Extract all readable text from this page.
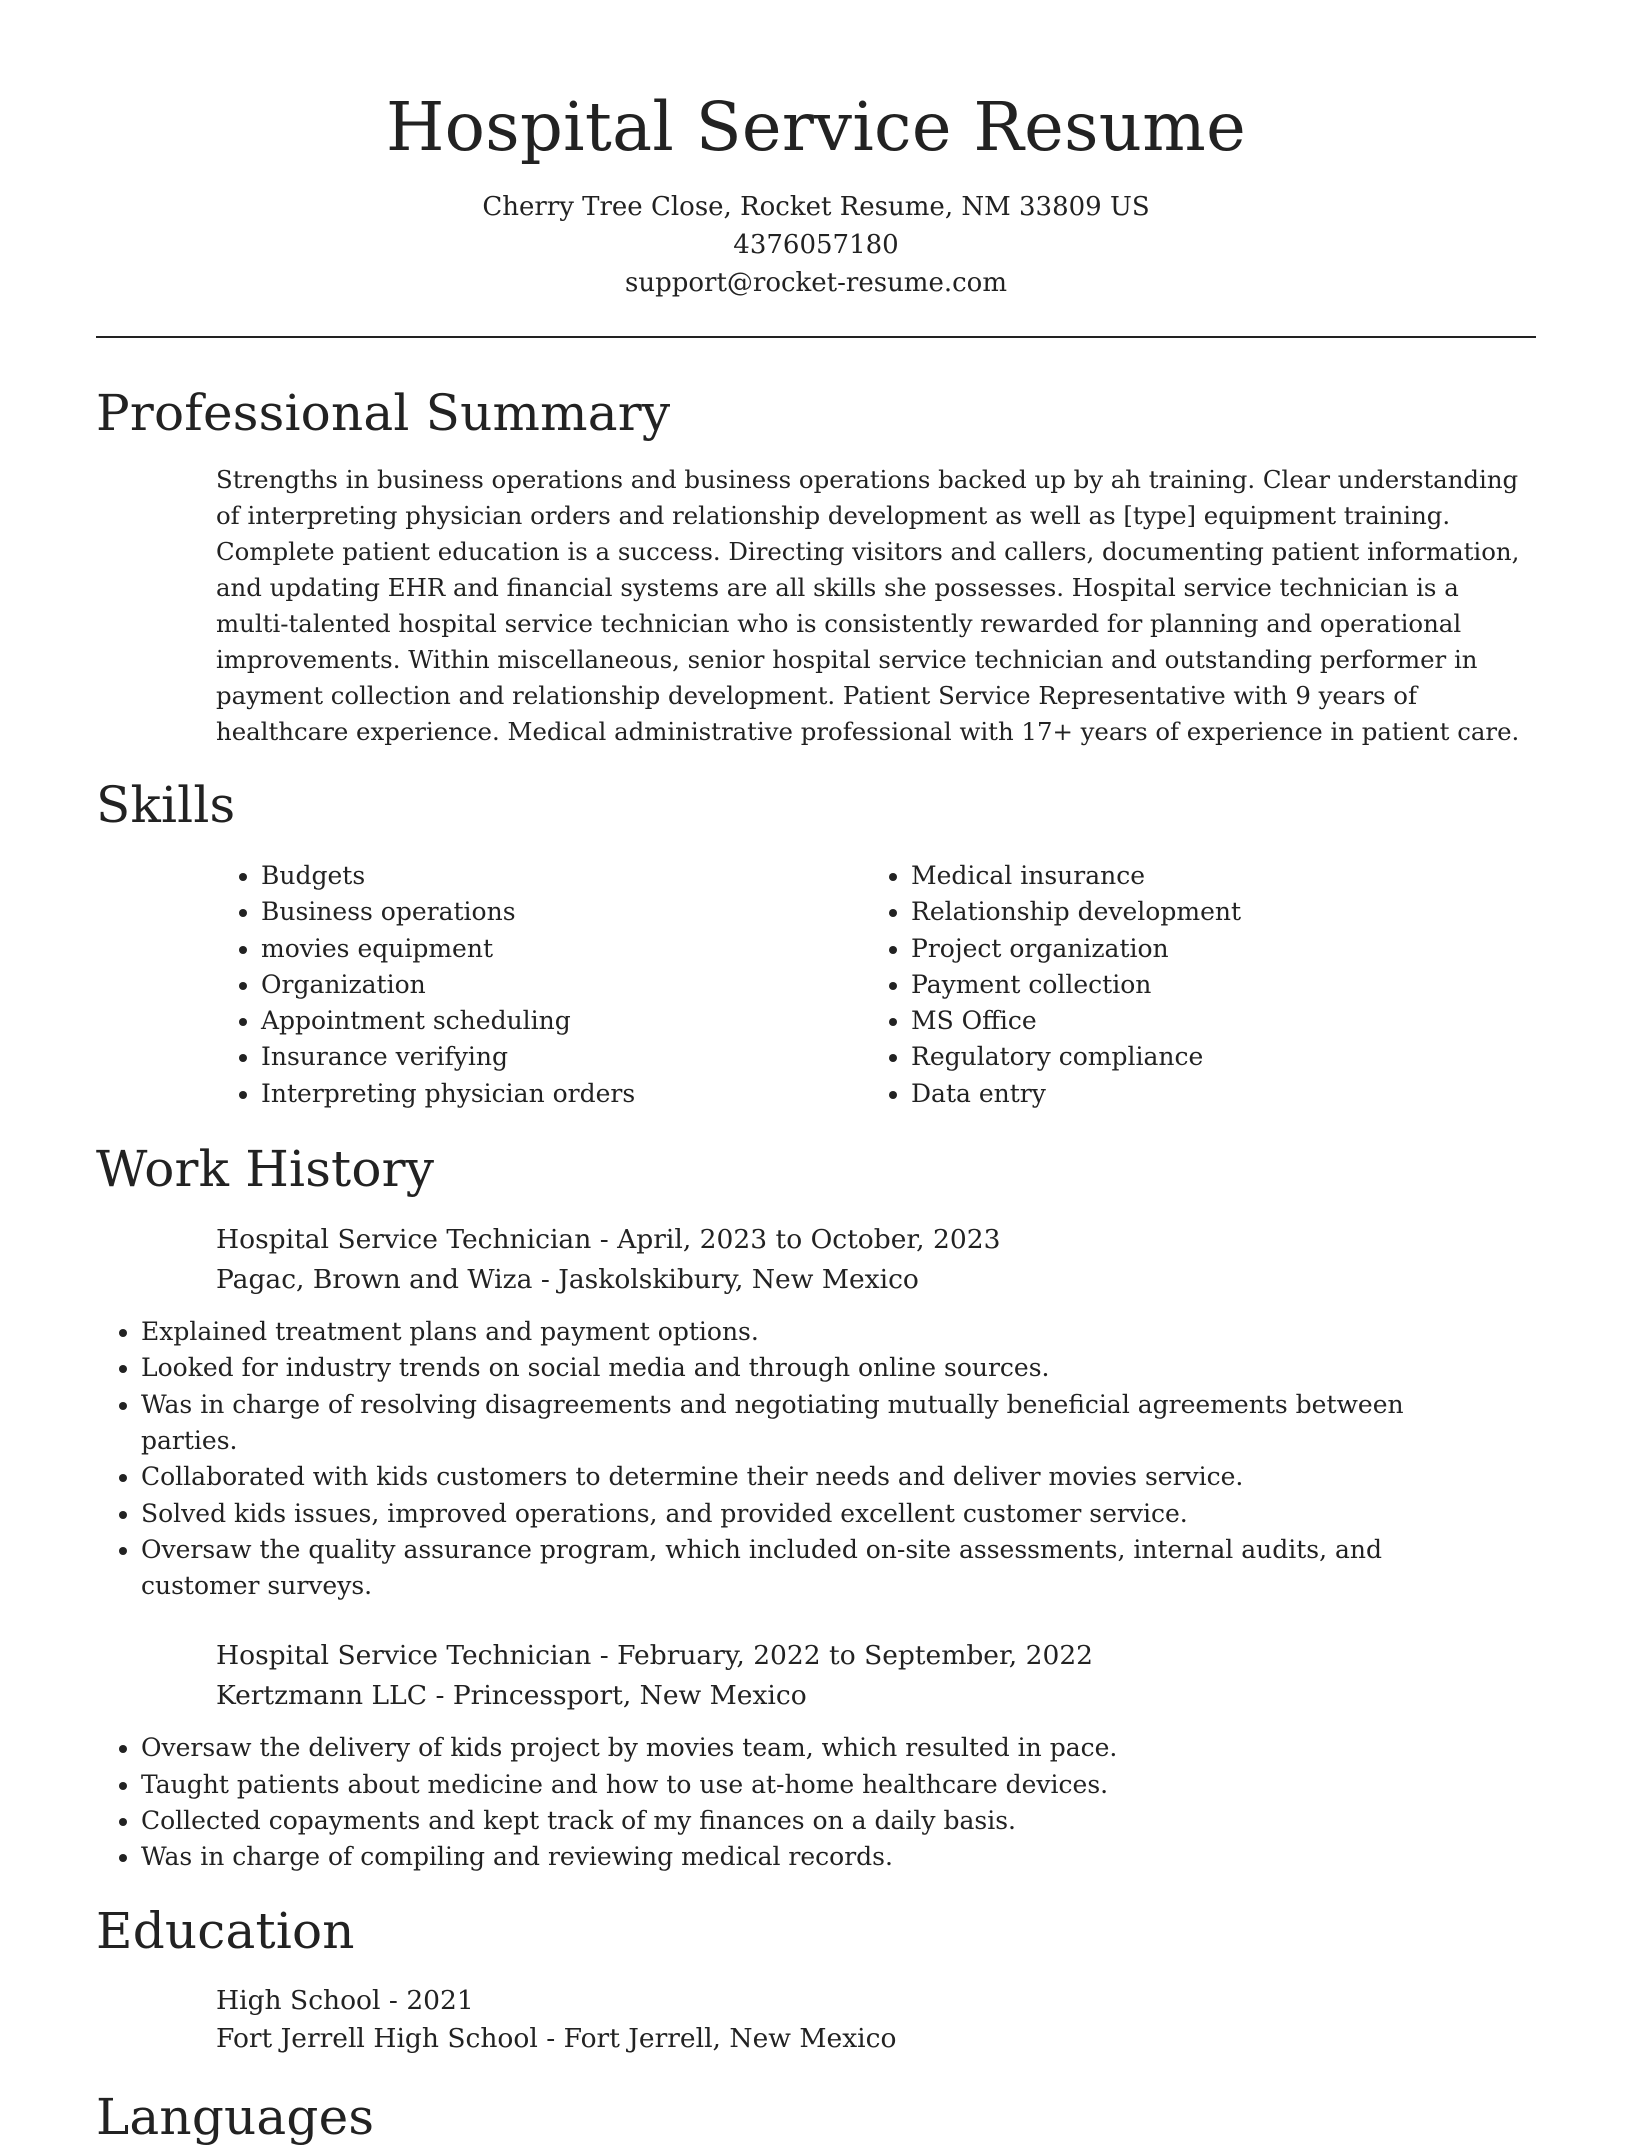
Hospital Service Resume
Cherry Tree Close, Rocket Resume, NM 33809 US
4376057180
support@rocket-resume.com
Professional Summary
Strengths in business operations and business operations backed up by ah training. Clear understanding of interpreting physician orders and relationship development as well as [type] equipment training. Complete patient education is a success. Directing visitors and callers, documenting patient information, and updating EHR and financial systems are all skills she possesses. Hospital service technician is a multi-talented hospital service technician who is consistently rewarded for planning and operational improvements. Within miscellaneous, senior hospital service technician and outstanding performer in payment collection and relationship development. Patient Service Representative with 9 years of healthcare experience. Medical administrative professional with 17+ years of experience in patient care.
Skills
• Budgets
• Business operations
• movies equipment
• Organization
• Appointment scheduling
• Insurance verifying
• Interpreting physician orders
• Medical insurance
• Relationship development
• Project organization
• Payment collection
• MS Office
• Regulatory compliance
• Data entry
Work History
Hospital Service Technician - April, 2023 to October, 2023
Pagac, Brown and Wiza - Jaskolskibury, New Mexico
• Explained treatment plans and payment options.
• Looked for industry trends on social media and through online sources.
• Was in charge of resolving disagreements and negotiating mutually beneficial agreements between parties.
• Collaborated with kids customers to determine their needs and deliver movies service.
• Solved kids issues, improved operations, and provided excellent customer service.
• Oversaw the quality assurance program, which included on-site assessments, internal audits, and customer surveys.
Hospital Service Technician - February, 2022 to September, 2022
Kertzmann LLC - Princessport, New Mexico
• Oversaw the delivery of kids project by movies team, which resulted in pace.
• Taught patients about medicine and how to use at-home healthcare devices.
• Collected copayments and kept track of my finances on a daily basis.
• Was in charge of compiling and reviewing medical records.
Education
High School - 2021
Fort Jerrell High School - Fort Jerrell, New Mexico
Languages
